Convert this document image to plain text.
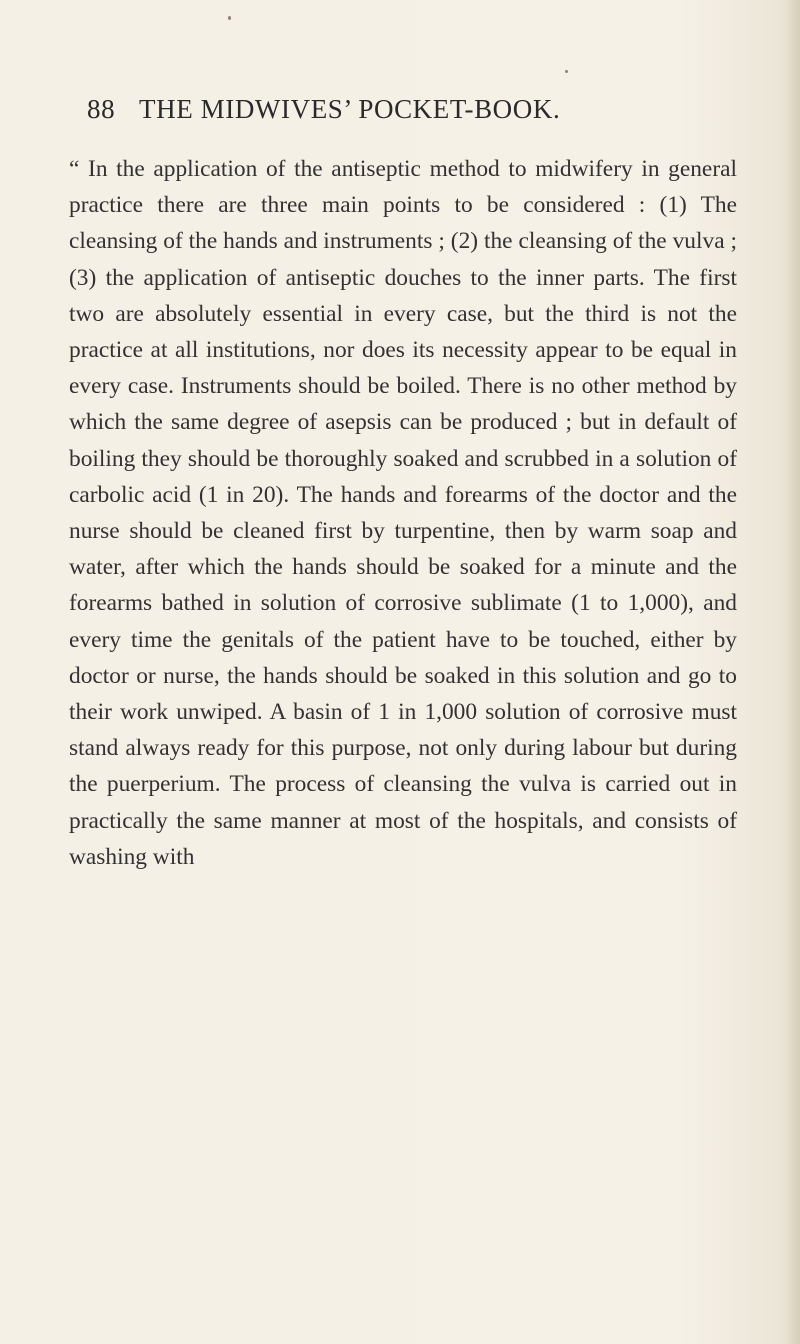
88 THE MIDWIVES’ POCKET-BOOK.

“ In the application of the antiseptic method to midwifery in general practice there are three main points to be considered : (1) The cleansing of the hands and instruments ; (2) the cleansing of the vulva ; (3) the application of antiseptic douches to the inner parts. The first two are absolutely essential in every case, but the third is not the practice at all institutions, nor does its necessity appear to be equal in every case. Instruments should be boiled. There is no other method by which the same degree of asepsis can be produced ; but in default of boiling they should be thoroughly soaked and scrubbed in a solution of carbolic acid (1 in 20). The hands and forearms of the doctor and the nurse should be cleaned first by turpentine, then by warm soap and water, after which the hands should be soaked for a minute and the forearms bathed in solution of corrosive sublimate (1 to 1,000), and every time the genitals of the patient have to be touched, either by doctor or nurse, the hands should be soaked in this solution and go to their work unwiped. A basin of 1 in 1,000 solution of corrosive must stand always ready for this purpose, not only during labour but during the puerperium. The process of cleansing the vulva is carried out in practically the same manner at most of the hospitals, and consists of washing with
